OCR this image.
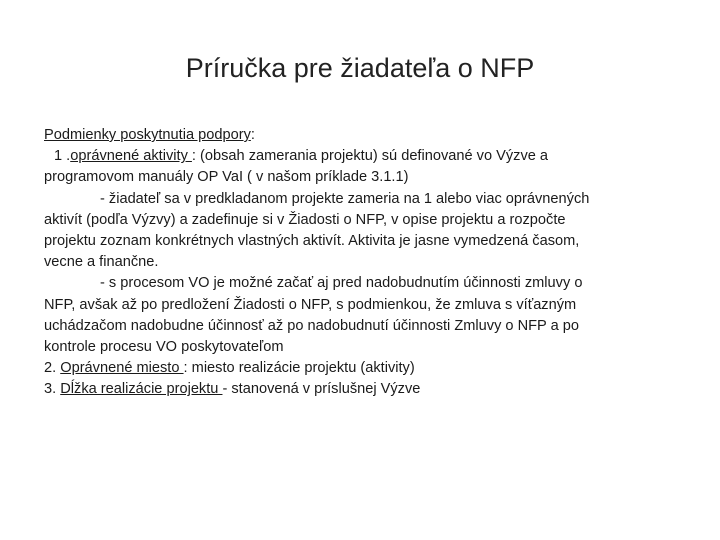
Príručka pre žiadateľa o NFP

Podmienky poskytnutia podpory:

1 .oprávnené aktivity : (obsah zamerania projektu) sú definované vo Výzve a

programovom manuály OP VaI ( v našom príklade 3.1.1)

- žiadateľ sa v predkladanom projekte zameria na 1 alebo viac oprávnených

aktivít (podľa Výzvy) a zadefinuje si v Žiadosti o NFP, v opise projektu a rozpočte

projektu zoznam konkrétnych vlastných aktivít. Aktivita je jasne vymedzená časom,

vecne a finančne.

- s procesom VO je možné začať aj pred nadobudnutím účinnosti zmluvy o

NFP, avšak až po predložení Žiadosti o NFP, s podmienkou, že zmluva s víťazným

uchádzačom nadobudne účinnosť až po nadobudnutí účinnosti Zmluvy o NFP a po

kontrole procesu VO poskytovateľom

2. Oprávnené miesto : miesto realizácie projektu (aktivity)

3. Dĺžka realizácie projektu - stanovená v príslušnej Výzve
